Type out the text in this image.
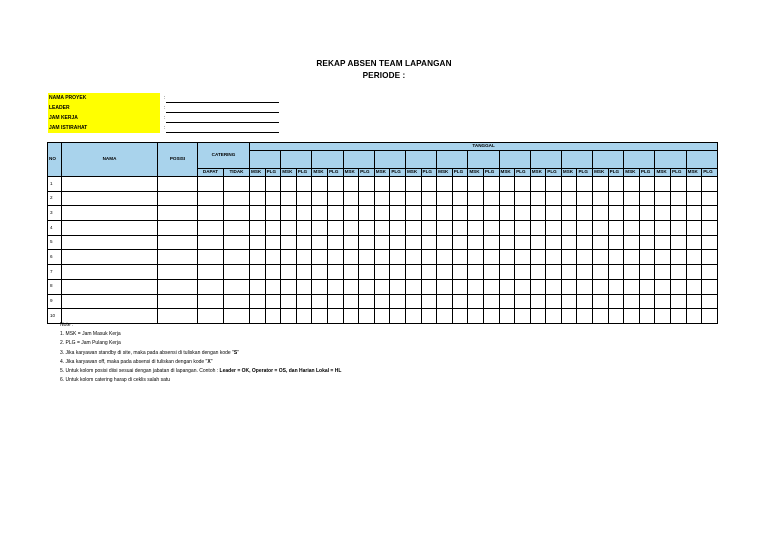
REKAP ABSEN TEAM LAPANGAN
PERIODE :
NAMA PROYEK	:
LEADER	:
JAM KERJA	:
JAM ISTIRAHAT	:
NO	NAMA	POSISI	CATERING		TANGGAL																													

			DAPAT	TIDAK	MSK	PLG	MSK	PLG	MSK	PLG	MSK	PLG	MSK	PLG	MSK	PLG	MSK	PLG	MSK	PLG	MSK	PLG	MSK	PLG	MSK	PLG	MSK	PLG	MSK	PLG	MSK	PLG	MSK	PLG
1																																		
2																																		
3																																		
4																																		
5																																		
6																																		
7																																		
8																																		
9																																		
10																																		
Note :
1. MSK = Jam Masuk Kerja
2. PLG = Jam Pulang Kerja
3. Jika karyawan standby di site, maka pada absensi di tuliskan dengan kode "S"
4. Jika karyawan off, maka pada absensi di tuliskan dengan kode "X"
5. Untuk kolom posisi diisi sesuai dengan jabatan di lapangan. Contoh : Leader = OK, Operator = OS, dan Harian Lokal = HL
6. Untuk kolom catering harap di ceklis salah satu
